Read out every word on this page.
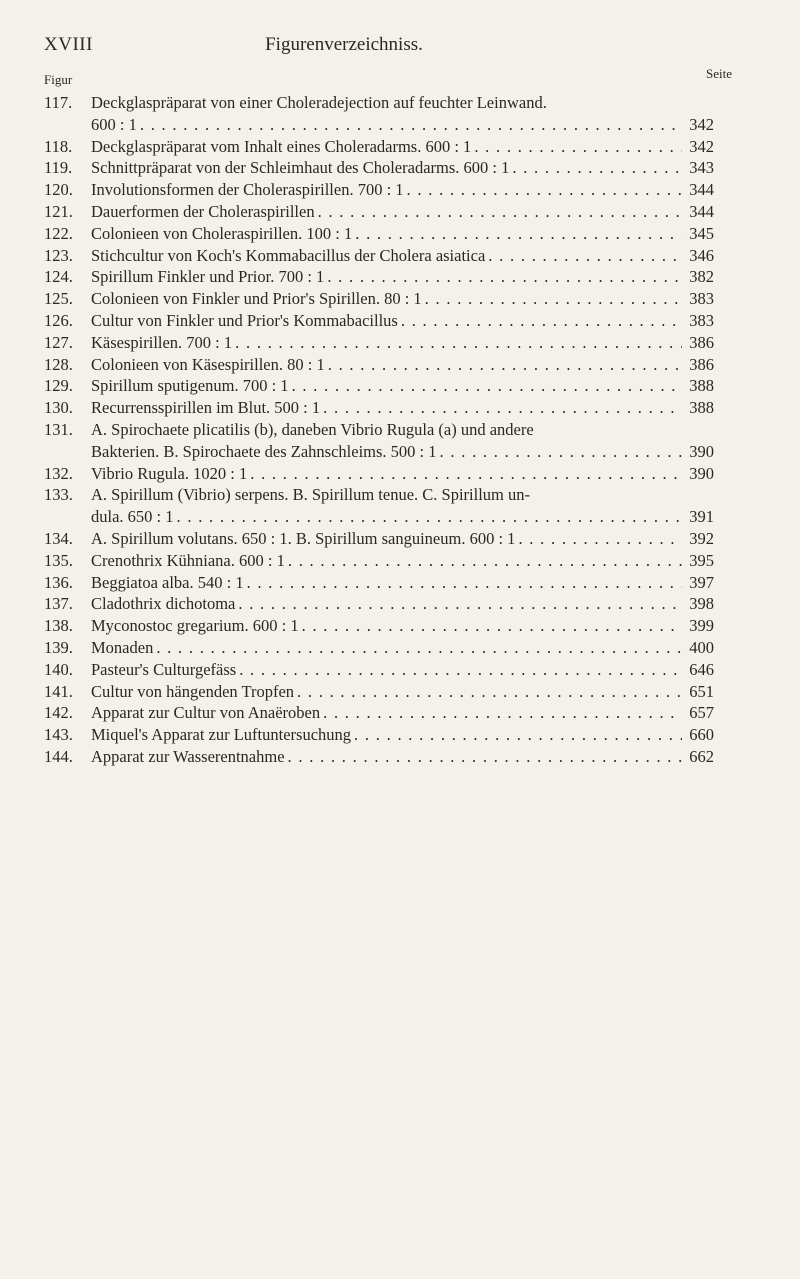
XVIII	Figurenverzeichniss.
Figur	Seite
117.	Deckglaspräparat von einer Choleradejection auf feuchter Leinwand.
600 : 1 . . .	342
118.	Deckglaspräparat vom Inhalt eines Choleradarms. 600 : 1 . . .	342
119.	Schnittpräparat von der Schleimhaut des Choleradarms. 600 : 1 . . .	343
120.	Involutionsformen der Choleraspirillen. 700 : 1 . . .	344
121.	Dauerformen der Choleraspirillen . . .	344
122.	Colonieen von Choleraspirillen. 100 : 1 . . .	345
123.	Stichcultur von Koch's Kommabacillus der Cholera asiatica . . .	346
124.	Spirillum Finkler und Prior. 700 : 1 . . .	382
125.	Colonieen von Finkler und Prior's Spirillen. 80 : 1 . . .	383
126.	Cultur von Finkler und Prior's Kommabacillus . . .	383
127.	Käsespirillen. 700 : 1 . . .	386
128.	Colonieen von Käsespirillen. 80 : 1 . . .	386
129.	Spirillum sputigenum. 700 : 1 . . .	388
130.	Recurrensspirillen im Blut. 500 : 1 . . .	388
131.	A. Spirochaete plicatilis (b), daneben Vibrio Rugula (a) und andere
Bakterien. B. Spirochaete des Zahnschleims. 500 : 1 . . .	390
132.	Vibrio Rugula. 1020 : 1 . . .	390
133.	A. Spirillum (Vibrio) serpens. B. Spirillum tenue. C. Spirillum un-
dula. 650 : 1 . . .	391
134.	A. Spirillum volutans. 650 : 1. B. Spirillum sanguineum. 600 : 1 . . .	392
135.	Crenothrix Kühniana. 600 : 1 . . .	395
136.	Beggiatoa alba. 540 : 1 . . .	397
137.	Cladothrix dichotoma . . .	398
138.	Myconostoc gregarium. 600 : 1 . . .	399
139.	Monaden . . .	400
140.	Pasteur's Culturgefäss . . .	646
141.	Cultur von hängenden Tropfen . . .	651
142.	Apparat zur Cultur von Anaëroben . . .	657
143.	Miquel's Apparat zur Luftuntersuchung . . .	660
144.	Apparat zur Wasserentnahme . . .	662
